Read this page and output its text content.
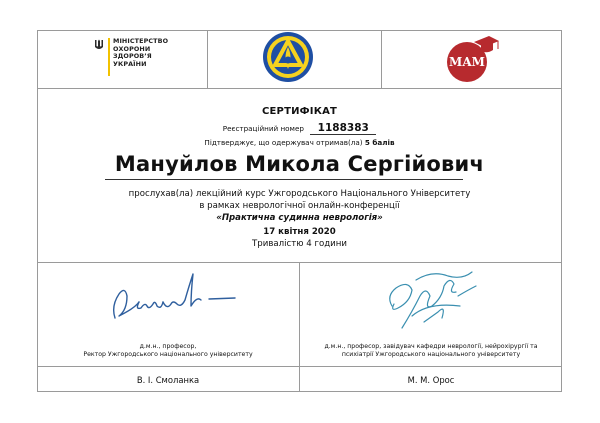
МІНІСТЕРСТВО
ОХОРОНИ
ЗДОРОВ’Я
УКРАЇНИ	MAM
СЕРТИФІКАТ
Реєстраційний номер 1188383
Підтверджує, що одержувач отримав(ла) 5 балів
Мануйлов Микола Сергійович
прослухав(ла) лекційний курс Ужгородського Національного Університету
в рамках неврологічної онлайн-конференції
«Практична судинна неврологія»
17 квітня 2020
Тривалістю 4 години
д.м.н., професор,
Ректор Ужгородського національного університету
д.м.н., професор, завідувач кафедри неврології, нейрохірургії та
психіатрії Ужгородського національного університету
В. І. Смоланка	М. М. Орос
